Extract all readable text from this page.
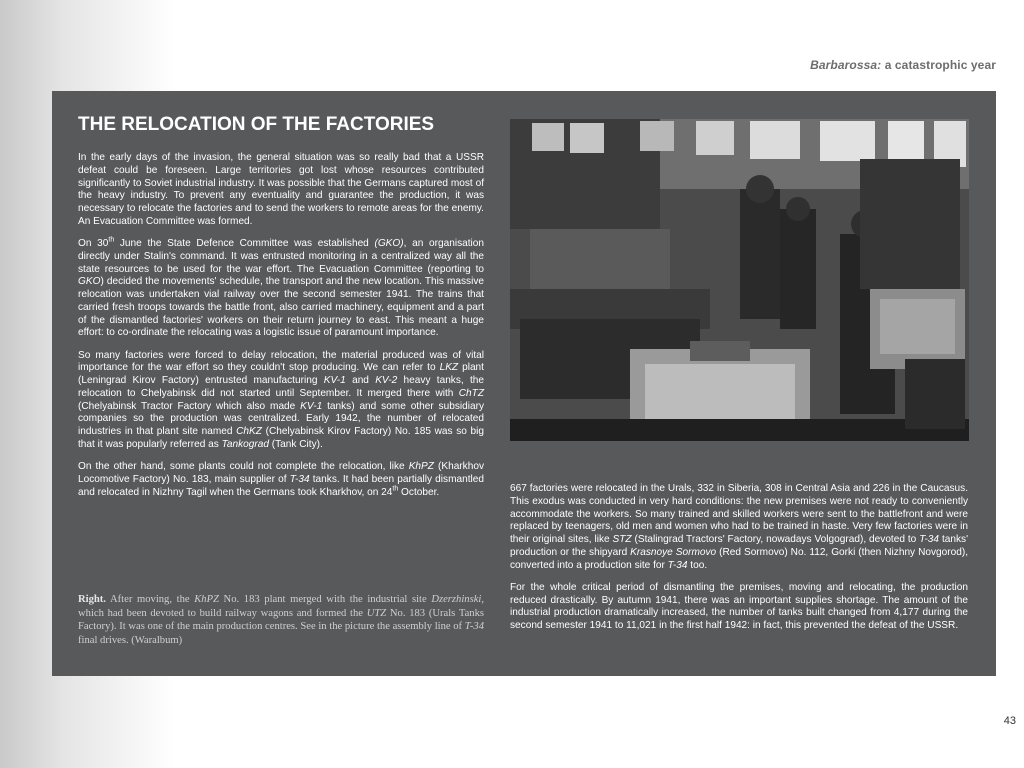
Barbarossa: a catastrophic year
THE RELOCATION OF THE FACTORIES

In the early days of the invasion, the general situation was so really bad that a USSR defeat could be foreseen. Large territories got lost whose resources contributed significantly to Soviet industrial industry. It was possible that the Germans captured most of the heavy industry. To prevent any eventuality and guarantee the production, it was necessary to relocate the factories and to send the workers to remote areas for the enemy. An Evacuation Committee was formed.

On 30th June the State Defence Committee was established (GKO), an organisation directly under Stalin's command. It was entrusted monitoring in a centralized way all the state resources to be used for the war effort. The Evacuation Committee (reporting to GKO) decided the movements' schedule, the transport and the new location. This massive relocation was undertaken vial railway over the second semester 1941. The trains that carried fresh troops towards the battle front, also carried machinery, equipment and a part of the dismantled factories' workers on their return journey to east. This meant a huge effort: to co-ordinate the relocating was a logistic issue of paramount importance.

So many factories were forced to delay relocation, the material produced was of vital importance for the war effort so they couldn't stop producing. We can refer to LKZ plant (Leningrad Kirov Factory) entrusted manufacturing KV-1 and KV-2 heavy tanks, the relocation to Chelyabinsk did not started until September. It merged there with ChTZ (Chelyabinsk Tractor Factory which also made KV-1 tanks) and some other subsidiary companies so the production was centralized. Early 1942, the number of relocated industries in that plant site named ChKZ (Chelyabinsk Kirov Factory) No. 185 was so big that it was popularly referred as Tankograd (Tank City).

On the other hand, some plants could not complete the relocation, like KhPZ (Kharkhov Locomotive Factory) No. 183, main supplier of T-34 tanks. It had been partially dismantled and relocated in Nizhny Tagil when the Germans took Kharkhov, on 24th October.

Right. After moving, the KhPZ No. 183 plant merged with the industrial site Dzerzhinski, which had been devoted to build railway wagons and formed the UTZ No. 183 (Urals Tanks Factory). It was one of the main production centres. See in the picture the assembly line of T-34 final drives. (Waralbum)

667 factories were relocated in the Urals, 332 in Siberia, 308 in Central Asia and 226 in the Caucasus. This exodus was conducted in very hard conditions: the new premises were not ready to conveniently accommodate the workers. So many trained and skilled workers were sent to the battlefront and were replaced by teenagers, old men and women who had to be trained in haste. Very few factories were in their original sites, like STZ (Stalingrad Tractors' Factory, nowadays Volgograd), devoted to T-34 tanks' production or the shipyard Krasnoye Sormovo (Red Sormovo) No. 112, Gorki (then Nizhny Novgorod), converted into a production site for T-34 too.

For the whole critical period of dismantling the premises, moving and relocating, the production reduced drastically. By autumn 1941, there was an important supplies shortage. The amount of the industrial production dramatically increased, the number of tanks built changed from 4,177 during the second semester 1941 to 11,021 in the first half 1942: in fact, this prevented the defeat of the USSR.

43
